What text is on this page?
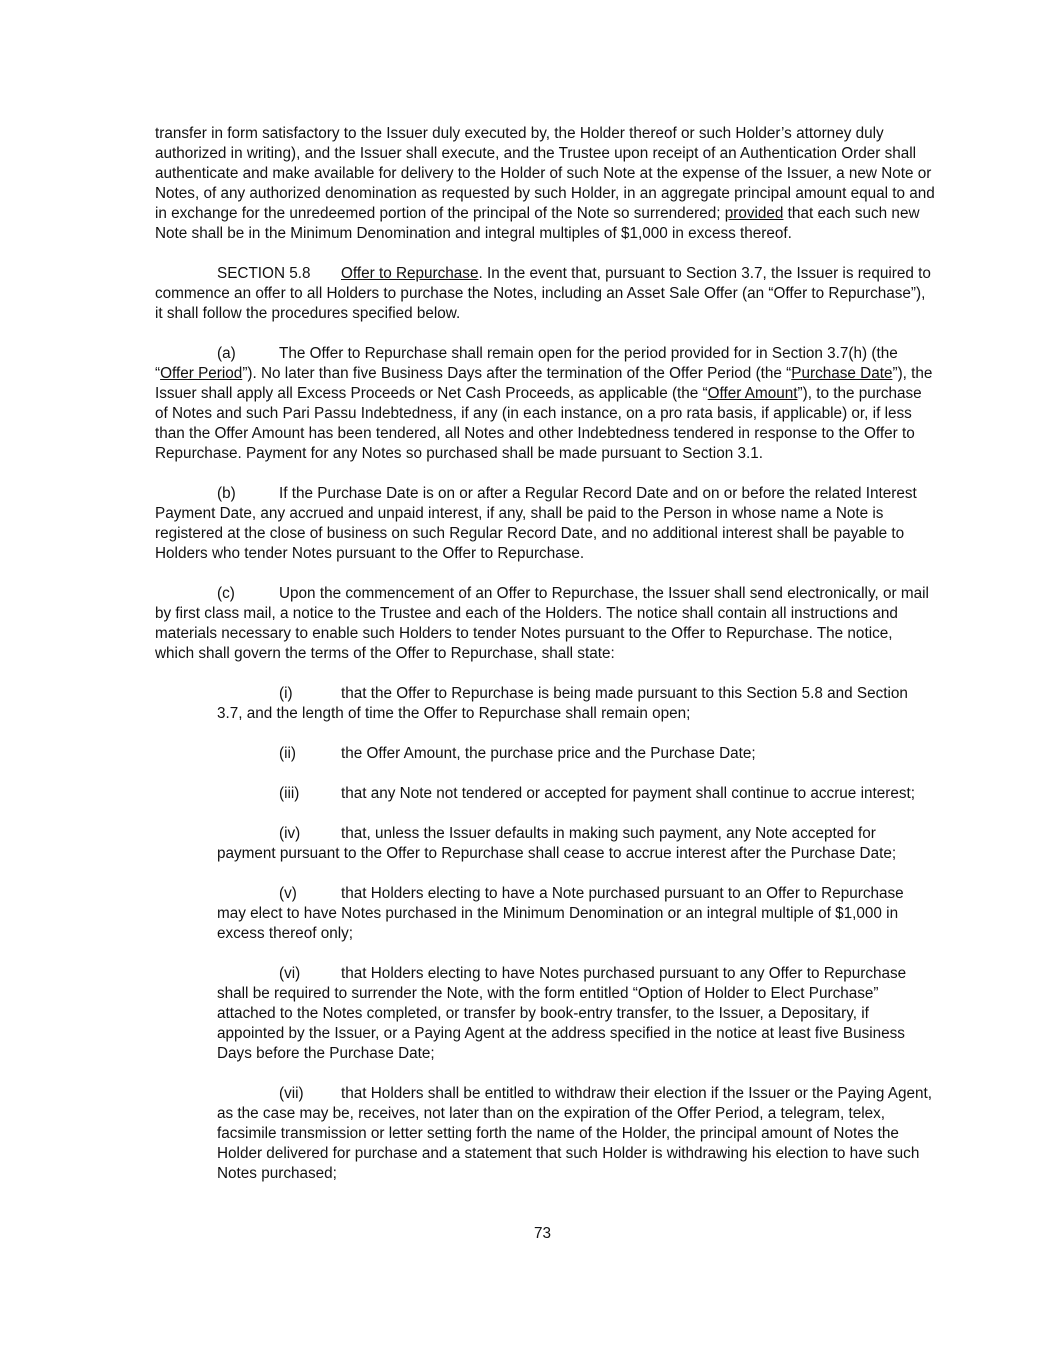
transfer in form satisfactory to the Issuer duly executed by, the Holder thereof or such Holder’s attorney duly authorized in writing), and the Issuer shall execute, and the Trustee upon receipt of an Authentication Order shall authenticate and make available for delivery to the Holder of such Note at the expense of the Issuer, a new Note or Notes, of any authorized denomination as requested by such Holder, in an aggregate principal amount equal to and in exchange for the unredeemed portion of the principal of the Note so surrendered; provided that each such new Note shall be in the Minimum Denomination and integral multiples of $1,000 in excess thereof.

SECTION 5.8 Offer to Repurchase. In the event that, pursuant to Section 3.7, the Issuer is required to commence an offer to all Holders to purchase the Notes, including an Asset Sale Offer (an “Offer to Repurchase”), it shall follow the procedures specified below.

(a)	The Offer to Repurchase shall remain open for the period provided for in Section 3.7(h) (the “Offer Period”). No later than five Business Days after the termination of the Offer Period (the “Purchase Date”), the Issuer shall apply all Excess Proceeds or Net Cash Proceeds, as applicable (the “Offer Amount”), to the purchase of Notes and such Pari Passu Indebtedness, if any (in each instance, on a pro rata basis, if applicable) or, if less than the Offer Amount has been tendered, all Notes and other Indebtedness tendered in response to the Offer to Repurchase. Payment for any Notes so purchased shall be made pursuant to Section 3.1.

(b)	If the Purchase Date is on or after a Regular Record Date and on or before the related Interest Payment Date, any accrued and unpaid interest, if any, shall be paid to the Person in whose name a Note is registered at the close of business on such Regular Record Date, and no additional interest shall be payable to Holders who tender Notes pursuant to the Offer to Repurchase.

(c)	Upon the commencement of an Offer to Repurchase, the Issuer shall send electronically, or mail by first class mail, a notice to the Trustee and each of the Holders. The notice shall contain all instructions and materials necessary to enable such Holders to tender Notes pursuant to the Offer to Repurchase. The notice, which shall govern the terms of the Offer to Repurchase, shall state:

(i)	that the Offer to Repurchase is being made pursuant to this Section 5.8 and Section 3.7, and the length of time the Offer to Repurchase shall remain open;

(ii)	the Offer Amount, the purchase price and the Purchase Date;

(iii)	that any Note not tendered or accepted for payment shall continue to accrue interest;

(iv)	that, unless the Issuer defaults in making such payment, any Note accepted for payment pursuant to the Offer to Repurchase shall cease to accrue interest after the Purchase Date;

(v)	that Holders electing to have a Note purchased pursuant to an Offer to Repurchase may elect to have Notes purchased in the Minimum Denomination or an integral multiple of $1,000 in excess thereof only;

(vi)	that Holders electing to have Notes purchased pursuant to any Offer to Repurchase shall be required to surrender the Note, with the form entitled “Option of Holder to Elect Purchase” attached to the Notes completed, or transfer by book-entry transfer, to the Issuer, a Depositary, if appointed by the Issuer, or a Paying Agent at the address specified in the notice at least five Business Days before the Purchase Date;

(vii) that Holders shall be entitled to withdraw their election if the Issuer or the Paying Agent, as the case may be, receives, not later than on the expiration of the Offer Period, a telegram, telex, facsimile transmission or letter setting forth the name of the Holder, the principal amount of Notes the Holder delivered for purchase and a statement that such Holder is withdrawing his election to have such Notes purchased;

73
